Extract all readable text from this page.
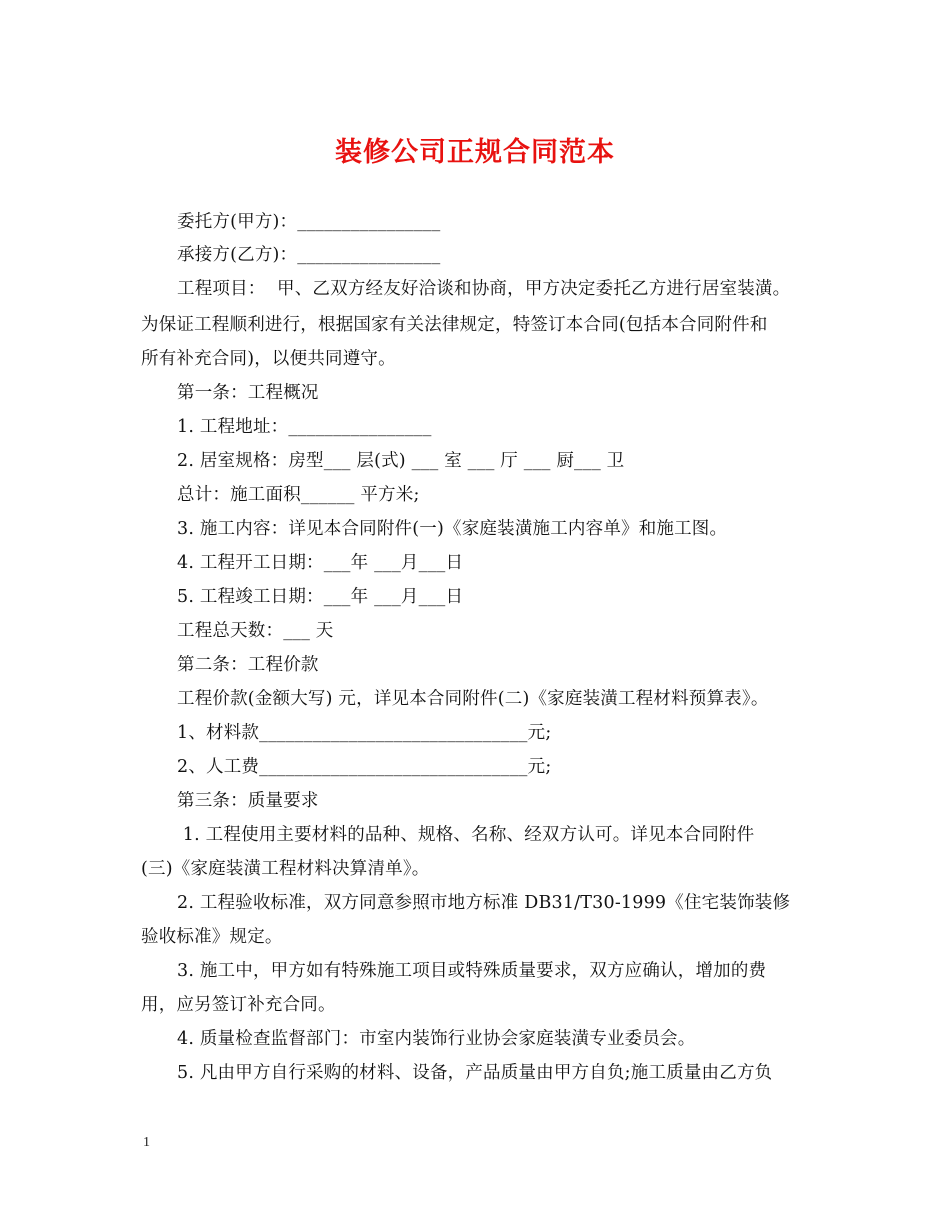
装修公司正规合同范本
委托方(甲方)：________________
承接方(乙方)：________________
工程项目：  甲、乙双方经友好洽谈和协商，甲方决定委托乙方进行居室装潢。
为保证工程顺利进行，根据国家有关法律规定，特签订本合同(包括本合同附件和
所有补充合同)，以便共同遵守。
第一条：工程概况
1. 工程地址：________________
2. 居室规格：房型___ 层(式) ___ 室 ___ 厅 ___ 厨___ 卫
总计：施工面积______ 平方米;
3. 施工内容：详见本合同附件(一)《家庭装潢施工内容单》和施工图。
4. 工程开工日期：___年 ___月___日
5. 工程竣工日期：___年 ___月___日
工程总天数：___ 天
第二条：工程价款
工程价款(金额大写) 元，详见本合同附件(二)《家庭装潢工程材料预算表》。
1、材料款______________________________元;
2、人工费______________________________元;
第三条：质量要求
1. 工程使用主要材料的品种、规格、名称、经双方认可。详见本合同附件
(三)《家庭装潢工程材料决算清单》。
2. 工程验收标准，双方同意参照市地方标准 DB31/T30-1999《住宅装饰装修
验收标准》规定。
3. 施工中，甲方如有特殊施工项目或特殊质量要求，双方应确认，增加的费
用，应另签订补充合同。
4. 质量检查监督部门：市室内装饰行业协会家庭装潢专业委员会。
5. 凡由甲方自行采购的材料、设备，产品质量由甲方自负;施工质量由乙方负
1
